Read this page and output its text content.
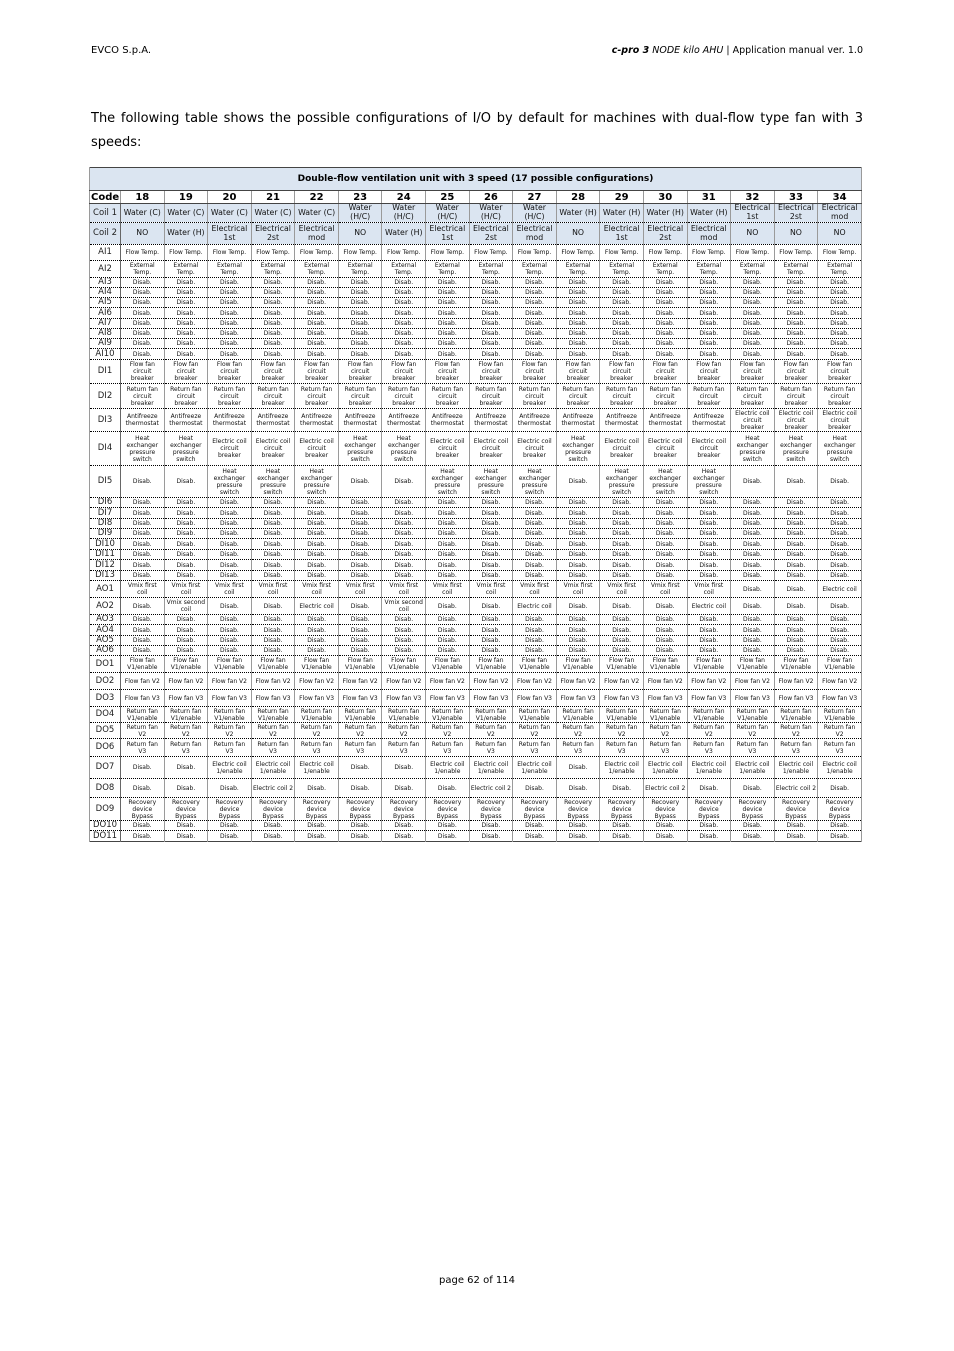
EVCO S.p.A.	c-pro 3 NODE kilo AHU | Application manual ver. 1.0

The following table shows the possible configurations of I/O by default for machines with dual-flow type fan with 3 speeds:

Double-flow ventilation unit with 3 speed (17 possible configurations)																	
Code	18	19	20	21	22	23	24	25	26	27	28	29	30	31	32	33	34
Coil 1	Water (C)	Water (C)	Water (C)	Water (C)	Water (C)	Water (H/C)	Water (H/C)	Water (H/C)	Water (H/C)	Water (H/C)	Water (H)	Water (H)	Water (H)	Water (H)	Electrical 1st	Electrical 2st	Electrical mod
Coil 2	NO	Water (H)	Electrical 1st	Electrical 2st	Electrical mod	NO	Water (H)	Electrical 1st	Electrical 2st	Electrical mod	NO	Electrical 1st	Electrical 2st	Electrical mod	NO	NO	NO
AI1	Flow Temp.	Flow Temp.	Flow Temp.	Flow Temp.	Flow Temp.	Flow Temp.	Flow Temp.	Flow Temp.	Flow Temp.	Flow Temp.	Flow Temp.	Flow Temp.	Flow Temp.	Flow Temp.	Flow Temp.	Flow Temp.	Flow Temp.
AI2	External Temp.	External Temp.	External Temp.	External Temp.	External Temp.	External Temp.	External Temp.	External Temp.	External Temp.	External Temp.	External Temp.	External Temp.	External Temp.	External Temp.	External Temp.	External Temp.	External Temp.
AI3	Disab.	Disab.	Disab.	Disab.	Disab.	Disab.	Disab.	Disab.	Disab.	Disab.	Disab.	Disab.	Disab.	Disab.	Disab.	Disab.	Disab.
AI4	Disab.	Disab.	Disab.	Disab.	Disab.	Disab.	Disab.	Disab.	Disab.	Disab.	Disab.	Disab.	Disab.	Disab.	Disab.	Disab.	Disab.
AI5	Disab.	Disab.	Disab.	Disab.	Disab.	Disab.	Disab.	Disab.	Disab.	Disab.	Disab.	Disab.	Disab.	Disab.	Disab.	Disab.	Disab.
AI6	Disab.	Disab.	Disab.	Disab.	Disab.	Disab.	Disab.	Disab.	Disab.	Disab.	Disab.	Disab.	Disab.	Disab.	Disab.	Disab.	Disab.
AI7	Disab.	Disab.	Disab.	Disab.	Disab.	Disab.	Disab.	Disab.	Disab.	Disab.	Disab.	Disab.	Disab.	Disab.	Disab.	Disab.	Disab.
AI8	Disab.	Disab.	Disab.	Disab.	Disab.	Disab.	Disab.	Disab.	Disab.	Disab.	Disab.	Disab.	Disab.	Disab.	Disab.	Disab.	Disab.
AI9	Disab.	Disab.	Disab.	Disab.	Disab.	Disab.	Disab.	Disab.	Disab.	Disab.	Disab.	Disab.	Disab.	Disab.	Disab.	Disab.	Disab.
AI10	Disab.	Disab.	Disab.	Disab.	Disab.	Disab.	Disab.	Disab.	Disab.	Disab.	Disab.	Disab.	Disab.	Disab.	Disab.	Disab.	Disab.
DI1	Flow fan circuit breaker	Flow fan circuit breaker	Flow fan circuit breaker	Flow fan circuit breaker	Flow fan circuit breaker	Flow fan circuit breaker	Flow fan circuit breaker	Flow fan circuit breaker	Flow fan circuit breaker	Flow fan circuit breaker	Flow fan circuit breaker	Flow fan circuit breaker	Flow fan circuit breaker	Flow fan circuit breaker	Flow fan circuit breaker	Flow fan circuit breaker	Flow fan circuit breaker
DI2	Return fan circuit breaker	Return fan circuit breaker	Return fan circuit breaker	Return fan circuit breaker	Return fan circuit breaker	Return fan circuit breaker	Return fan circuit breaker	Return fan circuit breaker	Return fan circuit breaker	Return fan circuit breaker	Return fan circuit breaker	Return fan circuit breaker	Return fan circuit breaker	Return fan circuit breaker	Return fan circuit breaker	Return fan circuit breaker	Return fan circuit breaker
DI3	Antifreeze thermostat	Antifreeze thermostat	Antifreeze thermostat	Antifreeze thermostat	Antifreeze thermostat	Antifreeze thermostat	Antifreeze thermostat	Antifreeze thermostat	Antifreeze thermostat	Antifreeze thermostat	Antifreeze thermostat	Antifreeze thermostat	Antifreeze thermostat	Antifreeze thermostat	Electric coil circuit breaker	Electric coil circuit breaker	Electric coil circuit breaker
DI4	Heat exchanger pressure switch	Heat exchanger pressure switch	Electric coil circuit breaker	Electric coil circuit breaker	Electric coil circuit breaker	Heat exchanger pressure switch	Heat exchanger pressure switch	Electric coil circuit breaker	Electric coil circuit breaker	Electric coil circuit breaker	Heat exchanger pressure switch	Electric coil circuit breaker	Electric coil circuit breaker	Electric coil circuit breaker	Heat exchanger pressure switch	Heat exchanger pressure switch	Heat exchanger pressure switch
DI5	Disab.	Disab.	Heat exchanger pressure switch	Heat exchanger pressure switch	Heat exchanger pressure switch	Disab.	Disab.	Heat exchanger pressure switch	Heat exchanger pressure switch	Heat exchanger pressure switch	Disab.	Heat exchanger pressure switch	Heat exchanger pressure switch	Heat exchanger pressure switch	Disab.	Disab.	Disab.
DI6	Disab.	Disab.	Disab.	Disab.	Disab.	Disab.	Disab.	Disab.	Disab.	Disab.	Disab.	Disab.	Disab.	Disab.	Disab.	Disab.	Disab.
DI7	Disab.	Disab.	Disab.	Disab.	Disab.	Disab.	Disab.	Disab.	Disab.	Disab.	Disab.	Disab.	Disab.	Disab.	Disab.	Disab.	Disab.
DI8	Disab.	Disab.	Disab.	Disab.	Disab.	Disab.	Disab.	Disab.	Disab.	Disab.	Disab.	Disab.	Disab.	Disab.	Disab.	Disab.	Disab.
DI9	Disab.	Disab.	Disab.	Disab.	Disab.	Disab.	Disab.	Disab.	Disab.	Disab.	Disab.	Disab.	Disab.	Disab.	Disab.	Disab.	Disab.
DI10	Disab.	Disab.	Disab.	Disab.	Disab.	Disab.	Disab.	Disab.	Disab.	Disab.	Disab.	Disab.	Disab.	Disab.	Disab.	Disab.	Disab.
DI11	Disab.	Disab.	Disab.	Disab.	Disab.	Disab.	Disab.	Disab.	Disab.	Disab.	Disab.	Disab.	Disab.	Disab.	Disab.	Disab.	Disab.
DI12	Disab.	Disab.	Disab.	Disab.	Disab.	Disab.	Disab.	Disab.	Disab.	Disab.	Disab.	Disab.	Disab.	Disab.	Disab.	Disab.	Disab.
DI13	Disab.	Disab.	Disab.	Disab.	Disab.	Disab.	Disab.	Disab.	Disab.	Disab.	Disab.	Disab.	Disab.	Disab.	Disab.	Disab.	Disab.
AO1	Vmix first coil	Vmix first coil	Vmix first coil	Vmix first coil	Vmix first coil	Vmix first coil	Vmix first coil	Vmix first coil	Vmix first coil	Vmix first coil	Vmix first coil	Vmix first coil	Vmix first coil	Vmix first coil	Disab.	Disab.	Electric coil
AO2	Disab.	Vmix second coil	Disab.	Disab.	Electric coil	Disab.	Vmix second coil	Disab.	Disab.	Electric coil	Disab.	Disab.	Disab.	Electric coil	Disab.	Disab.	Disab.
AO3	Disab.	Disab.	Disab.	Disab.	Disab.	Disab.	Disab.	Disab.	Disab.	Disab.	Disab.	Disab.	Disab.	Disab.	Disab.	Disab.	Disab.
AO4	Disab.	Disab.	Disab.	Disab.	Disab.	Disab.	Disab.	Disab.	Disab.	Disab.	Disab.	Disab.	Disab.	Disab.	Disab.	Disab.	Disab.
AO5	Disab.	Disab.	Disab.	Disab.	Disab.	Disab.	Disab.	Disab.	Disab.	Disab.	Disab.	Disab.	Disab.	Disab.	Disab.	Disab.	Disab.
AO6	Disab.	Disab.	Disab.	Disab.	Disab.	Disab.	Disab.	Disab.	Disab.	Disab.	Disab.	Disab.	Disab.	Disab.	Disab.	Disab.	Disab.
DO1	Flow fan V1/enable	Flow fan V1/enable	Flow fan V1/enable	Flow fan V1/enable	Flow fan V1/enable	Flow fan V1/enable	Flow fan V1/enable	Flow fan V1/enable	Flow fan V1/enable	Flow fan V1/enable	Flow fan V1/enable	Flow fan V1/enable	Flow fan V1/enable	Flow fan V1/enable	Flow fan V1/enable	Flow fan V1/enable	Flow fan V1/enable
DO2	Flow fan V2	Flow fan V2	Flow fan V2	Flow fan V2	Flow fan V2	Flow fan V2	Flow fan V2	Flow fan V2	Flow fan V2	Flow fan V2	Flow fan V2	Flow fan V2	Flow fan V2	Flow fan V2	Flow fan V2	Flow fan V2	Flow fan V2
DO3	Flow fan V3	Flow fan V3	Flow fan V3	Flow fan V3	Flow fan V3	Flow fan V3	Flow fan V3	Flow fan V3	Flow fan V3	Flow fan V3	Flow fan V3	Flow fan V3	Flow fan V3	Flow fan V3	Flow fan V3	Flow fan V3	Flow fan V3
DO4	Return fan V1/enable	Return fan V1/enable	Return fan V1/enable	Return fan V1/enable	Return fan V1/enable	Return fan V1/enable	Return fan V1/enable	Return fan V1/enable	Return fan V1/enable	Return fan V1/enable	Return fan V1/enable	Return fan V1/enable	Return fan V1/enable	Return fan V1/enable	Return fan V1/enable	Return fan V1/enable	Return fan V1/enable
DO5	Return fan V2	Return fan V2	Return fan V2	Return fan V2	Return fan V2	Return fan V2	Return fan V2	Return fan V2	Return fan V2	Return fan V2	Return fan V2	Return fan V2	Return fan V2	Return fan V2	Return fan V2	Return fan V2	Return fan V2
DO6	Return fan V3	Return fan V3	Return fan V3	Return fan V3	Return fan V3	Return fan V3	Return fan V3	Return fan V3	Return fan V3	Return fan V3	Return fan V3	Return fan V3	Return fan V3	Return fan V3	Return fan V3	Return fan V3	Return fan V3
DO7	Disab.	Disab.	Electric coil 1/enable	Electric coil 1/enable	Electric coil 1/enable	Disab.	Disab.	Electric coil 1/enable	Electric coil 1/enable	Electric coil 1/enable	Disab.	Electric coil 1/enable	Electric coil 1/enable	Electric coil 1/enable	Electric coil 1/enable	Electric coil 1/enable	Electric coil 1/enable
DO8	Disab.	Disab.	Disab.	Electric coil 2	Disab.	Disab.	Disab.	Disab.	Electric coil 2	Disab.	Disab.	Disab.	Electric coil 2	Disab.	Disab.	Electric coil 2	Disab.
DO9	Recovery device Bypass	Recovery device Bypass	Recovery device Bypass	Recovery device Bypass	Recovery device Bypass	Recovery device Bypass	Recovery device Bypass	Recovery device Bypass	Recovery device Bypass	Recovery device Bypass	Recovery device Bypass	Recovery device Bypass	Recovery device Bypass	Recovery device Bypass	Recovery device Bypass	Recovery device Bypass	Recovery device Bypass
DO10	Disab.	Disab.	Disab.	Disab.	Disab.	Disab.	Disab.	Disab.	Disab.	Disab.	Disab.	Disab.	Disab.	Disab.	Disab.	Disab.	Disab.
DO11	Disab.	Disab.	Disab.	Disab.	Disab.	Disab.	Disab.	Disab.	Disab.	Disab.	Disab.	Disab.	Disab.	Disab.	Disab.	Disab.	Disab.
page 62 of 114
